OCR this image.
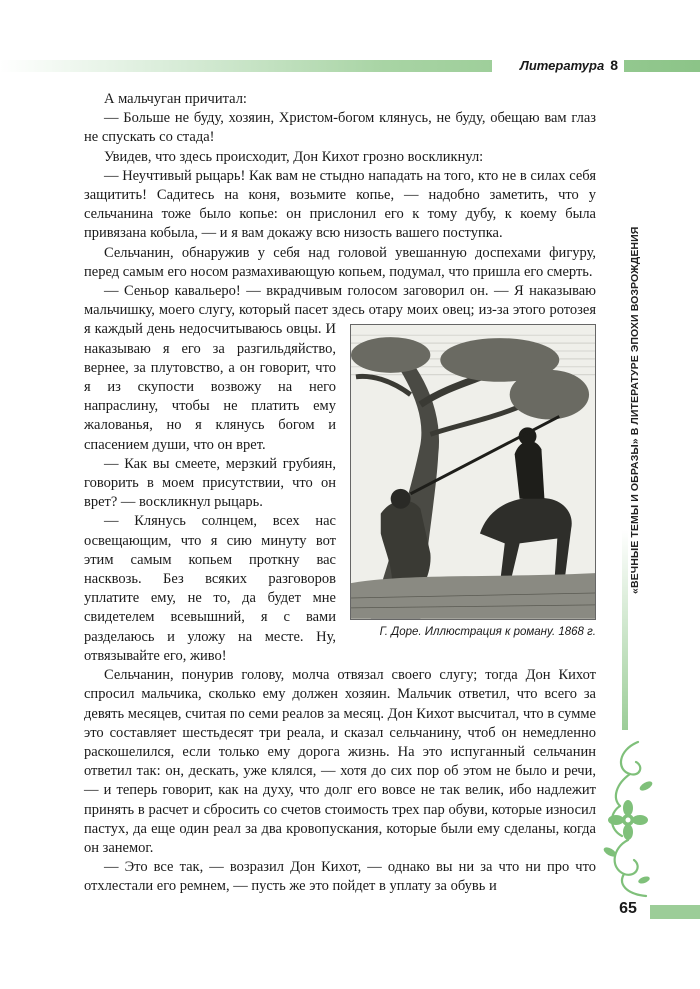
Литература 8
«ВЕЧНЫЕ ТЕМЫ И ОБРАЗЫ» В ЛИТЕРАТУРЕ ЭПОХИ ВОЗРОЖДЕНИЯ
65

А мальчуган причитал:

— Больше не буду, хозяин, Христом-богом клянусь, не буду, обещаю вам глаз не спускать со стада!

Увидев, что здесь происходит, Дон Кихот грозно воскликнул:

— Неучтивый рыцарь! Как вам не стыдно нападать на того, кто не в силах себя защитить! Садитесь на коня, возьмите копье, — надобно заметить, что у сельчанина тоже было копье: он прислонил его к тому дубу, к коему была привязана кобыла, — и я вам докажу всю низость вашего поступка.

Сельчанин, обнаружив у себя над головой увешанную доспехами фигуру, перед самым его носом размахивающую копьем, подумал, что пришла его смерть.

— Сеньор кавальеро! — вкрадчивым голосом заговорил он. — Я наказываю мальчишку, моего слугу, который пасет здесь отару моих овец;
Г. Доре. Иллюстрация к роману. 1868 г.
из-за этого ротозея я каждый день недосчитываюсь овцы. И наказываю я его за разгильдяйство, вернее, за плутовство, а он говорит, что я из скупости возвожу на него напраслину, чтобы не платить ему жалованья, но я клянусь богом и спасением души, что он врет.

— Как вы смеете, мерзкий грубиян, говорить в моем присутствии, что он врет? — воскликнул рыцарь.

— Клянусь солнцем, всех нас освещающим, что я сию минуту вот этим самым копьем проткну вас насквозь. Без всяких разговоров уплатите ему, не то, да будет мне свидетелем всевышний, я с вами разделаюсь и уложу на месте. Ну, отвязывайте его, живо!

Сельчанин, понурив голову, молча отвязал своего слугу; тогда Дон Кихот спросил мальчика, сколько ему должен хозяин. Мальчик ответил, что всего за девять месяцев, считая по семи реалов за месяц. Дон Кихот высчитал, что в сумме это составляет шестьдесят три реала, и сказал сельчанину, чтоб он немедленно раскошелился, если только ему дорога жизнь. На это испуганный сельчанин ответил так: он, дескать, уже клялся, — хотя до сих пор об этом не было и речи, — и теперь говорит, как на духу, что долг его вовсе не так велик, ибо надлежит принять в расчет и сбросить со счетов стоимость трех пар обуви, которые износил пастух, да еще один реал за два кровопускания, которые были ему сделаны, когда он занемог.

— Это все так, — возразил Дон Кихот, — однако вы ни за что ни про что отхлестали его ремнем, — пусть же это пойдет в уплату за обувь и
